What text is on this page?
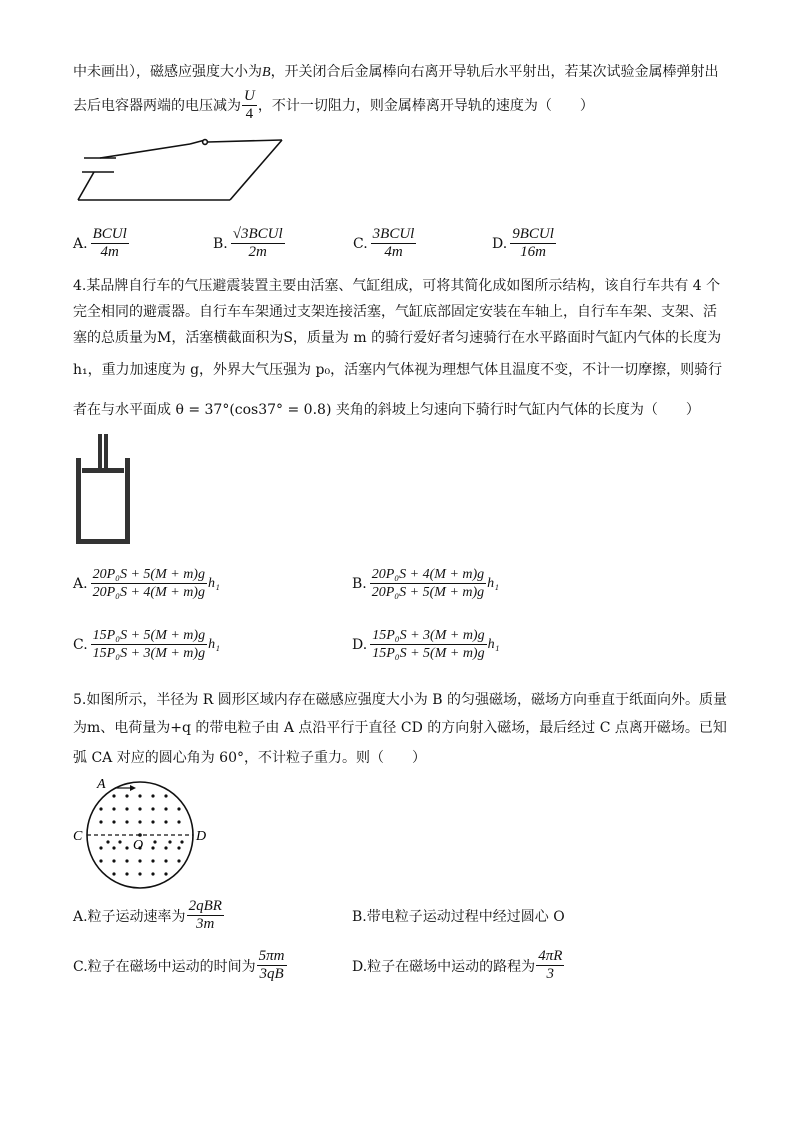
中未画出），磁感应强度大小为B，开关闭合后金属棒向右离开导轨后水平射出，若某次试验金属棒弹射出
去后电容器两端的电压减为 $\frac{U}{4}$ ，不计一切阻力，则金属棒离开导轨的速度为（　　）
A. $\frac{\text{BCUl}}{4m}$	B. $\frac{\text{√3BCUl}}{2m}$	C. $\frac{\text{3BCUl}}{4m}$	D. $\frac{\text{9BCUl}}{16m}$
4.某品牌自行车的气压避震装置主要由活塞、气缸组成，可将其简化成如图所示结构，该自行车共有 4 个
完全相同的避震器。自行车车架通过支架连接活塞，气缸底部固定安装在车轴上，自行车车架、支架、活
塞的总质量为M，活塞横截面积为S，质量为 m 的骑行爱好者匀速骑行在水平路面时气缸内气体的长度为
h₁，重力加速度为 g，外界大气压强为 p₀，活塞内气体视为理想气体且温度不变，不计一切摩擦，则骑行
者在与水平面成 θ = 37°(cos37° = 0.8) 夹角的斜坡上匀速向下骑行时气缸内气体的长度为（　　）
A. $\frac{\text{20P₀S + 5(M + m)g}}{\text{20P₀S + 4(M + m)g}} h_1$	B. $\frac{\text{20P₀S + 4(M + m)g}}{\text{20P₀S + 5(M + m)g}} h_1$
C. $\frac{\text{15P₀S + 5(M + m)g}}{\text{15P₀S + 3(M + m)g}} h_1$	D. $\frac{\text{15P₀S + 3(M + m)g}}{\text{15P₀S + 5(M + m)g}} h_1$
5.如图所示，半径为 R 圆形区域内存在磁感应强度大小为 B 的匀强磁场，磁场方向垂直于纸面向外。质量
为m、电荷量为+q 的带电粒子由 A 点沿平行于直径 CD 的方向射入磁场，最后经过 C 点离开磁场。已知
弧 CA 对应的圆心角为 60°，不计粒子重力。则（　　）
A
C	D
O
A.粒子运动速率为 $\frac{\text{2qBR}}{3m}$	B.带电粒子运动过程中经过圆心 O
C.粒子在磁场中运动的时间为 $\frac{5\pi m}{3qB}$	D.粒子在磁场中运动的路程为 $\frac{4\pi R}{3}$
